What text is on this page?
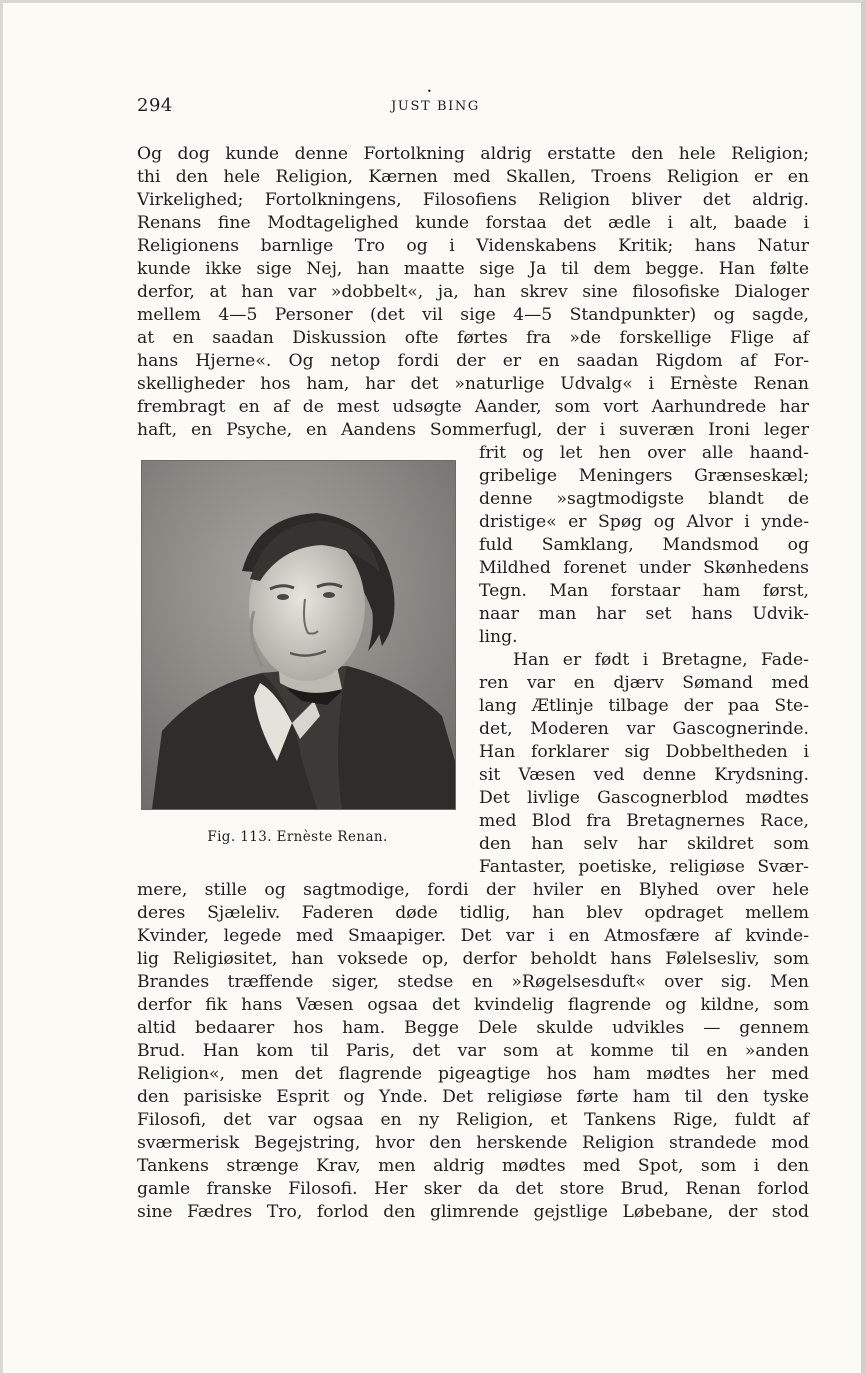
•
294	JUST BING
Fig. 113. Ernèste Renan.
Og dog kunde denne Fortolkning aldrig erstatte den hele Religion;
thi den hele Religion, Kærnen med Skallen, Troens Religion er en
Virkelighed; Fortolkningens, Filosofiens Religion bliver det aldrig.
Renans fine Modtagelighed kunde forstaa det ædle i alt, baade i
Religionens barnlige Tro og i Videnskabens Kritik; hans Natur
kunde ikke sige Nej, han maatte sige Ja til dem begge. Han følte
derfor, at han var »dobbelt«, ja, han skrev sine filosofiske Dialoger
mellem 4—5 Personer (det vil sige 4—5 Standpunkter) og sagde,
at en saadan Diskussion ofte førtes fra »de forskellige Flige af
hans Hjerne«. Og netop fordi der er en saadan Rigdom af For-
skelligheder hos ham, har det »naturlige Udvalg« i Ernèste Renan
frembragt en af de mest udsøgte Aander, som vort Aarhundrede har
haft, en Psyche, en Aandens Sommerfugl, der i suveræn Ironi leger
frit og let hen over alle haand-
gribelige Meningers Grænseskæl;
denne »sagtmodigste blandt de
dristige« er Spøg og Alvor i ynde-
fuld Samklang, Mandsmod og
Mildhed forenet under Skønhedens
Tegn. Man forstaar ham først,
naar man har set hans Udvik-
ling.
Han er født i Bretagne, Fade-
ren var en djærv Sømand med
lang Ætlinje tilbage der paa Ste-
det, Moderen var Gascognerinde.
Han forklarer sig Dobbeltheden i
sit Væsen ved denne Krydsning.
Det livlige Gascognerblod mødtes
med Blod fra Bretagnernes Race,
den han selv har skildret som
Fantaster, poetiske, religiøse Svær-
mere, stille og sagtmodige, fordi der hviler en Blyhed over hele
deres Sjæleliv. Faderen døde tidlig, han blev opdraget mellem
Kvinder, legede med Smaapiger. Det var i en Atmosfære af kvinde-
lig Religiøsitet, han voksede op, derfor beholdt hans Følelsesliv, som
Brandes træffende siger, stedse en »Røgelsesduft« over sig. Men
derfor fik hans Væsen ogsaa det kvindelig flagrende og kildne, som
altid bedaarer hos ham. Begge Dele skulde udvikles — gennem
Brud. Han kom til Paris, det var som at komme til en »anden
Religion«, men det flagrende pigeagtige hos ham mødtes her med
den parisiske Esprit og Ynde. Det religiøse førte ham til den tyske
Filosofi, det var ogsaa en ny Religion, et Tankens Rige, fuldt af
sværmerisk Begejstring, hvor den herskende Religion strandede mod
Tankens strænge Krav, men aldrig mødtes med Spot, som i den
gamle franske Filosofi. Her sker da det store Brud, Renan forlod
sine Fædres Tro, forlod den glimrende gejstlige Løbebane, der stod
